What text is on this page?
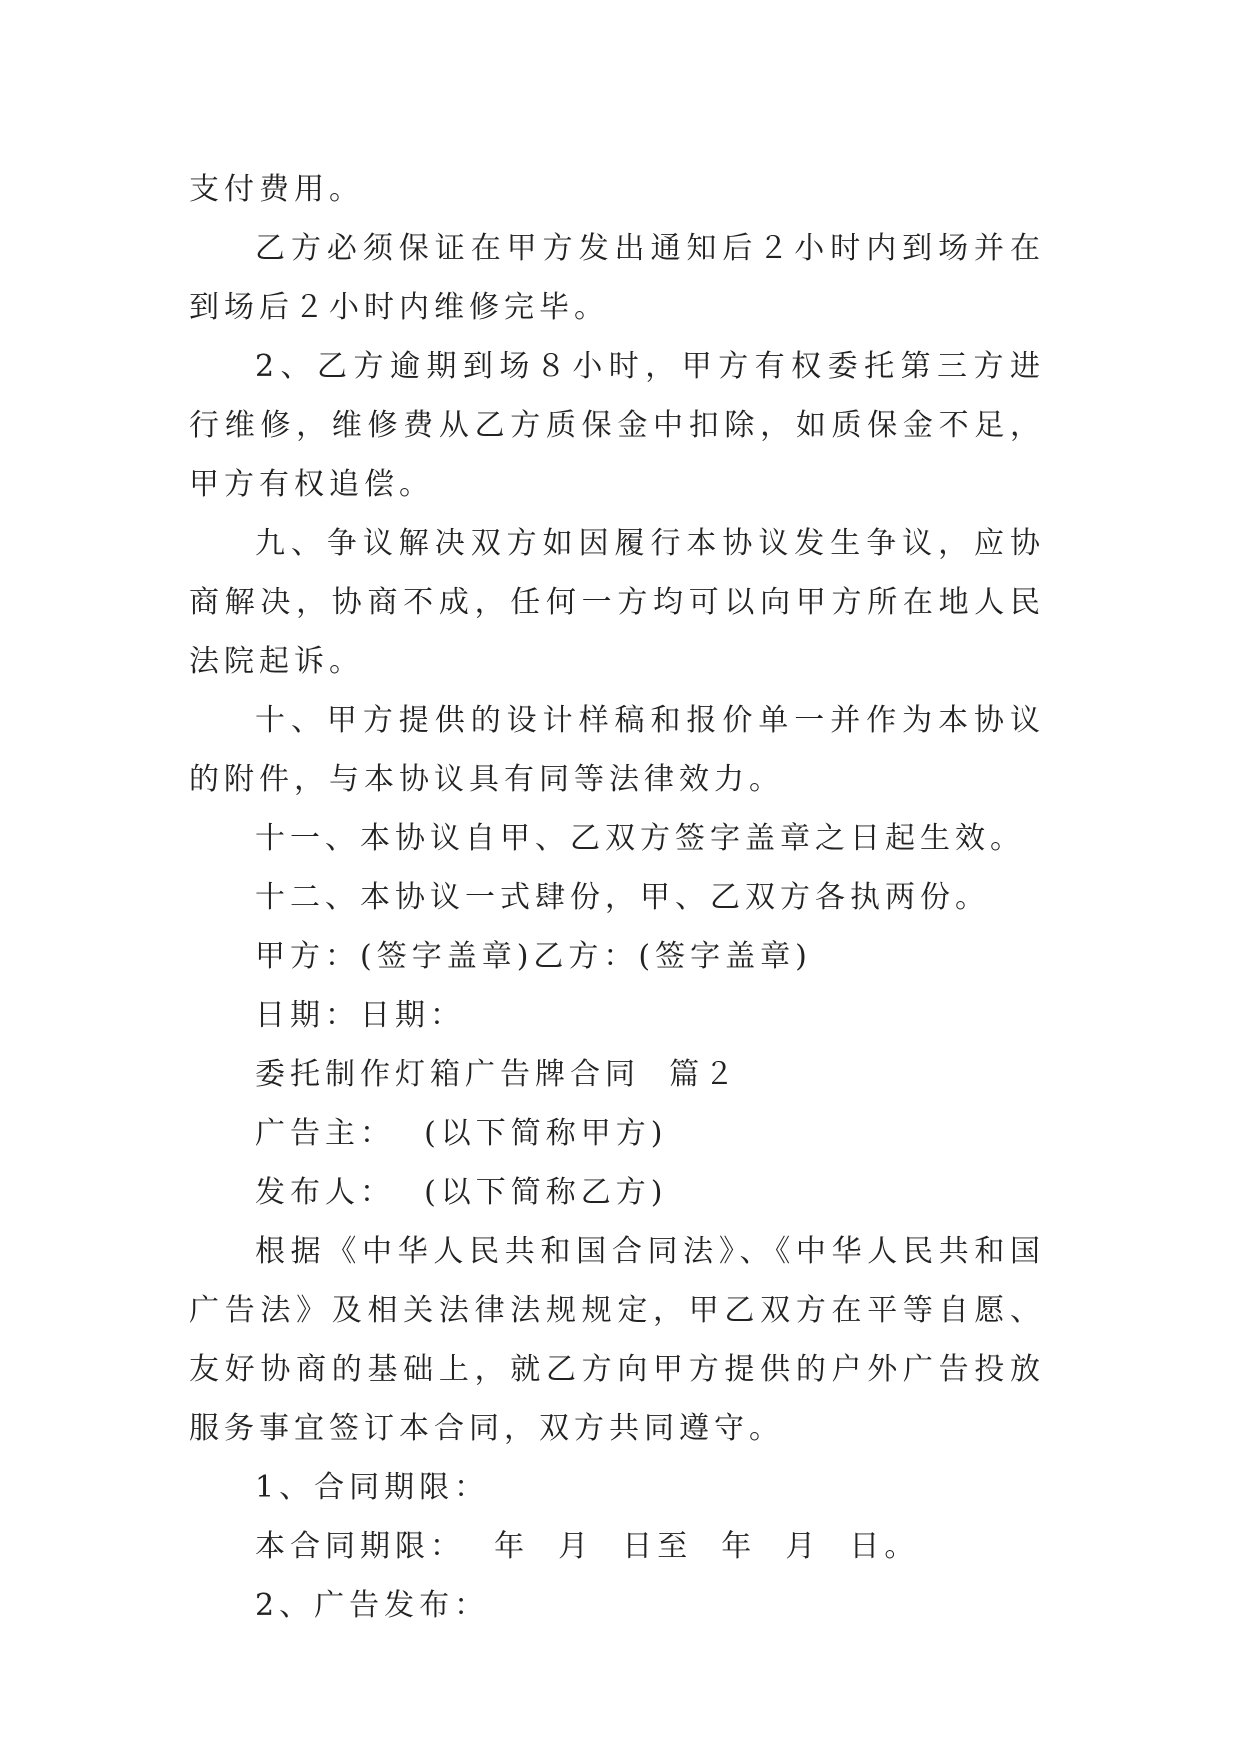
支付费用。

乙方必须保证在甲方发出通知后２小时内到场并在到场后２小时内维修完毕。

2、乙方逾期到场８小时，甲方有权委托第三方进行维修，维修费从乙方质保金中扣除，如质保金不足，甲方有权追偿。

九、争议解决双方如因履行本协议发生争议，应协商解决，协商不成，任何一方均可以向甲方所在地人民法院起诉。

十、甲方提供的设计样稿和报价单一并作为本协议的附件，与本协议具有同等法律效力。

十一、本协议自甲、乙双方签字盖章之日起生效。

十二、本协议一式肆份，甲、乙双方各执两份。

甲方：(签字盖章)乙方：(签字盖章)

日期：日期：

委托制作灯箱广告牌合同  篇２

广告主：  (以下简称甲方)

发布人：  (以下简称乙方)

根据《中华人民共和国合同法》、《中华人民共和国广告法》及相关法律法规规定，甲乙双方在平等自愿、友好协商的基础上，就乙方向甲方提供的户外广告投放服务事宜签订本合同，双方共同遵守。

1、合同期限：

本合同期限：  年  月  日至  年  月  日。

2、广告发布：
